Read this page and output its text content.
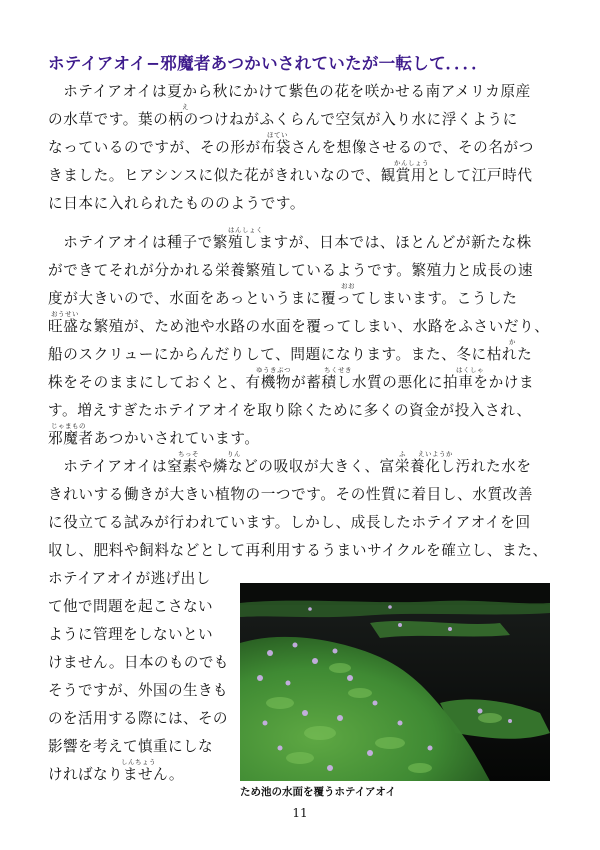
ホテイアオイ−邪魔者あつかいされていたが一転して．．．．
　ホテイアオイは夏から秋にかけて紫色の花を咲かせる南アメリカ原産
の水草です。葉の柄のつけねがふくらんで空気が入り水に浮くように
なっているのですが、その形が布袋さんを想像させるので、その名がつ
きました。ヒアシンスに似た花がきれいなので、観賞用として江戸時代
に日本に入れられたもののようです。
　ホテイアオイは種子で繁殖しますが、日本では、ほとんどが新たな株
ができてそれが分かれる栄養繁殖しているようです。繁殖力と成長の速
度が大きいので、水面をあっというまに覆ってしまいます。こうした
旺盛な繁殖が、ため池や水路の水面を覆ってしまい、水路をふさいだり、
船のスクリューにからんだりして、問題になります。また、冬に枯れた
株をそのままにしておくと、有機物が蓄積し水質の悪化に拍車をかけま
す。増えすぎたホテイアオイを取り除くために多くの資金が投入され、
邪魔者あつかいされています。
　ホテイアオイは窒素や燐などの吸収が大きく、富栄養化し汚れた水を
きれいする働きが大きい植物の一つです。その性質に着目し、水質改善
に役立てる試みが行われています。しかし、成長したホテイアオイを回
収し、肥料や飼料などとして再利用するうまいサイクルを確立し、また、
ホテイアオイが逃げ出し
て他で問題を起こさない
ように管理をしないとい
けません。日本のものでも
そうですが、外国の生きも
のを活用する際には、その
影響を考えて慎重にしな
ければなりません。
え
ほてい
かんしょう
はんしょく
おお
おうせい
か
ゆうきぶつ	ちくせき	はくしゃ
じゃまもの
ちっそ	りん	ふ えいようか
しんちょう
ため池の水面を覆うホテイアオイ
11
